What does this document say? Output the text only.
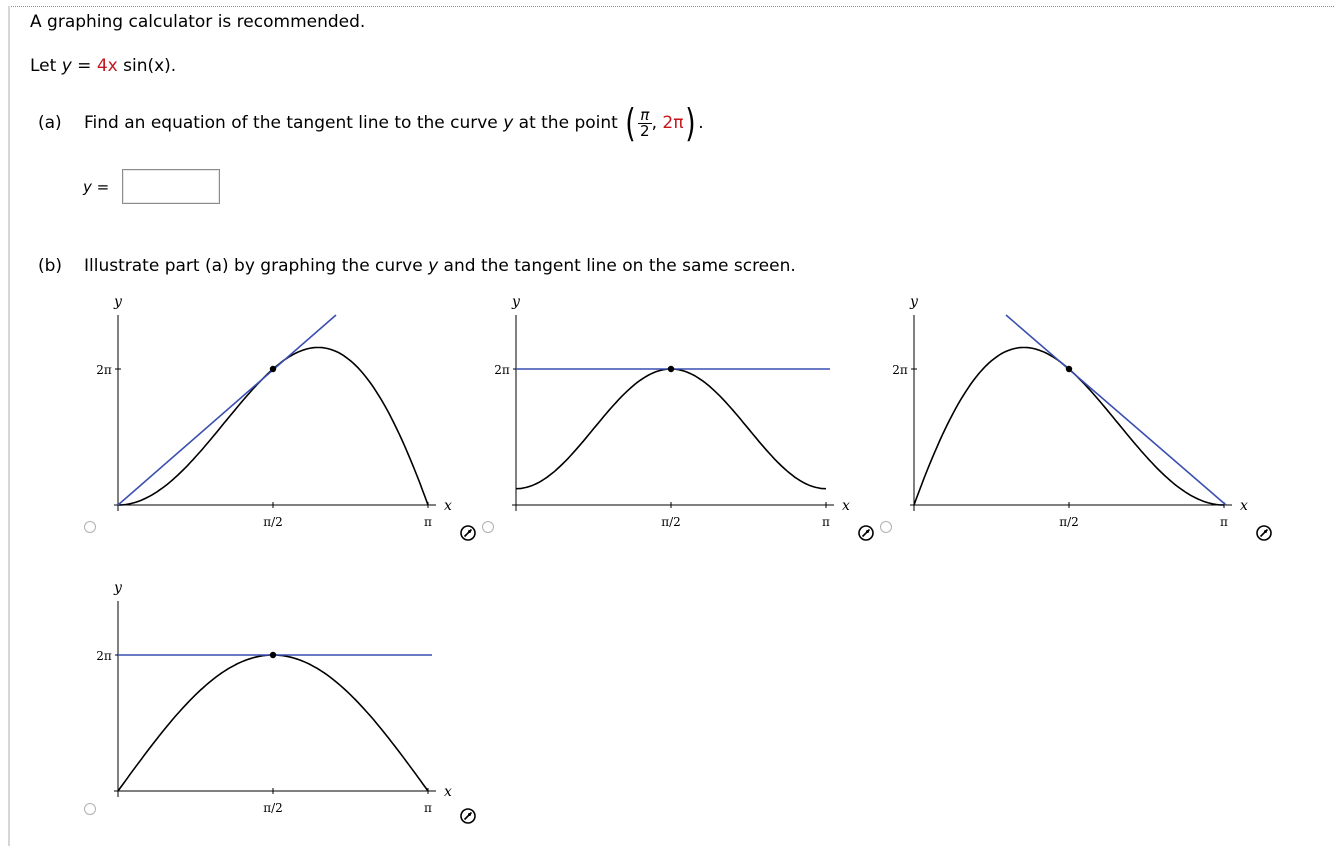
A graphing calculator is recommended.
Let y = 4x sin(x).
(a) Find an equation of the tangent line to the curve y at the point ( $\frac{\pi}{2}$ , 2π) .
y =
(b) Illustrate part (a) by graphing the curve y and the tangent line on the same screen.
y
2π
x
π/2	π
y
2π
x
π/2	π
y
2π
x
π/2	π
y
2π
x
π/2	π
